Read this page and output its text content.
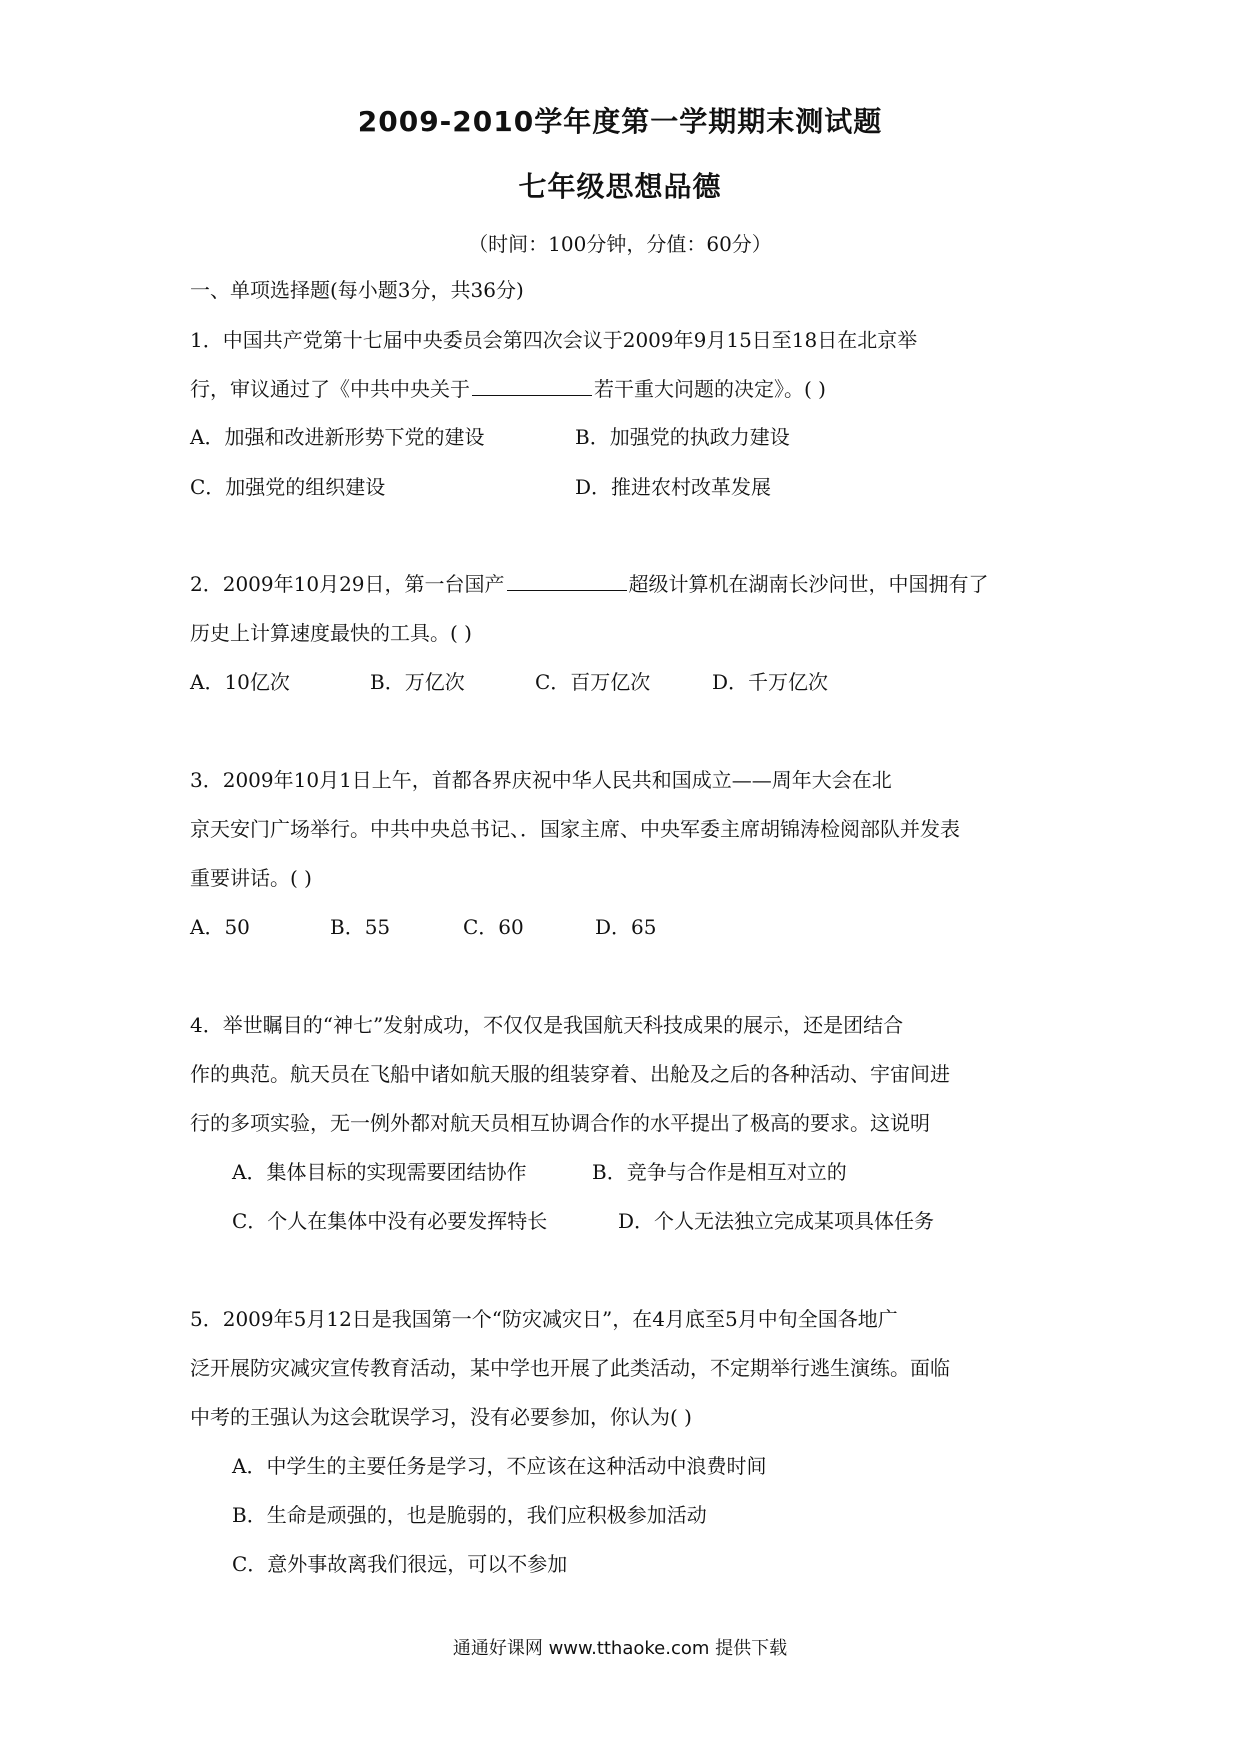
2009-2010学年度第一学期期末测试题
七年级思想品德
（时间：100分钟，分值：60分）
一、单项选择题(每小题3分，共36分)
1．中国共产党第十七届中央委员会第四次会议于2009年9月15日至18日在北京举
行，审议通过了《中共中央关于	若干重大问题的决定》。( )
A．加强和改进新形势下党的建设	B．加强党的执政力建设
C．加强党的组织建设	D．推进农村改革发展
2．2009年10月29日，第一台国产	超级计算机在湖南长沙问世，中国拥有了
历史上计算速度最快的工具。( )
A．10亿次	B．万亿次	C．百万亿次	D．千万亿次
3．2009年10月1日上午，首都各界庆祝中华人民共和国成立——周年大会在北
京天安门广场举行。中共中央总书记、．国家主席、中央军委主席胡锦涛检阅部队并发表
重要讲话。( )
A．50	B．55	C．60	D．65
4．举世瞩目的“神七”发射成功，不仅仅是我国航天科技成果的展示，还是团结合
作的典范。航天员在飞船中诸如航天服的组装穿着、出舱及之后的各种活动、宇宙间进
行的多项实验，无一例外都对航天员相互协调合作的水平提出了极高的要求。这说明
A．集体目标的实现需要团结协作	B．竞争与合作是相互对立的
C．个人在集体中没有必要发挥特长	D．个人无法独立完成某项具体任务
5．2009年5月12日是我国第一个“防灾减灾日”，在4月底至5月中旬全国各地广
泛开展防灾减灾宣传教育活动，某中学也开展了此类活动，不定期举行逃生演练。面临
中考的王强认为这会耽误学习，没有必要参加，你认为( )
A．中学生的主要任务是学习，不应该在这种活动中浪费时间
B．生命是顽强的，也是脆弱的，我们应积极参加活动
C．意外事故离我们很远，可以不参加
通通好课网 www.tthaoke.com 提供下载
